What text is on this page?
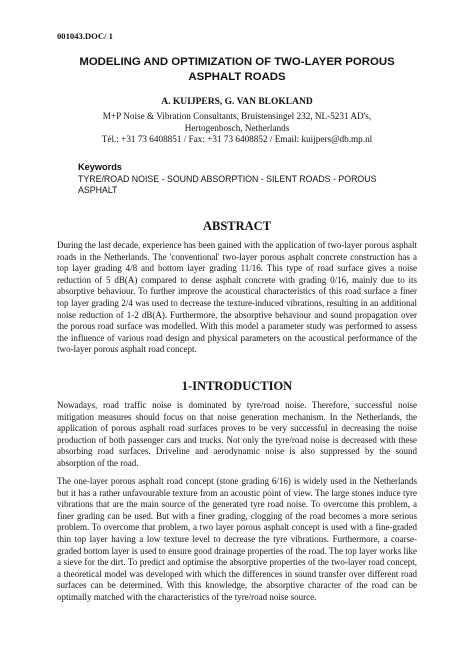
001043.DOC/ 1
MODELING AND OPTIMIZATION OF TWO-LAYER POROUS ASPHALT ROADS
A. KUIJPERS, G. VAN BLOKLAND
M+P Noise & Vibration Consultants, Bruistensingel 232, NL-5231 AD's,
Hertogenbosch, Netherlands
Tél.: +31 73 6408851 / Fax: +31 73 6408852 / Email: kuijpers@db.mp.nl
Keywords
TYRE/ROAD NOISE - SOUND ABSORPTION - SILENT ROADS - POROUS ASPHALT
ABSTRACT

During the last decade, experience has been gained with the application of two-layer porous asphalt roads in the Netherlands. The 'conventional' two-layer porous asphalt concrete construction has a top layer grading 4/8 and bottom layer grading 11/16. This type of road surface gives a noise reduction of 5 dB(A) compared to dense asphalt concrete with grading 0/16, mainly due to its absorptive behaviour. To further improve the acoustical characteristics of this road surface a finer top layer grading 2/4 was used to decrease the texture-induced vibrations, resulting in an additional noise reduction of 1-2 dB(A). Furthermore, the absorptive behaviour and sound propagation over the porous road surface was modelled. With this model a parameter study was performed to assess the influence of various road design and physical parameters on the acoustical performance of the two-layer porous asphalt road concept.

1-INTRODUCTION

Nowadays, road traffic noise is dominated by tyre/road noise. Therefore, successful noise mitigation measures should focus on that noise generation mechanism. In the Netherlands, the application of porous asphalt road surfaces proves to be very successful in decreasing the noise production of both passenger cars and trucks. Not only the tyre/road noise is decreased with these absorbing road surfaces. Driveline and aerodynamic noise is also suppressed by the sound absorption of the road.

The one-layer porous asphalt road concept (stone grading 6/16) is widely used in the Netherlands but it has a rather unfavourable texture from an acoustic point of view. The large stones induce tyre vibrations that are the main source of the generated tyre road noise. To overcome this problem, a finer grading can be used. But with a finer grading, clogging of the road becomes a more serious problem. To overcome that problem, a two layer porous asphalt concept is used with a fine-graded thin top layer having a low texture level to decrease the tyre vibrations. Furthermore, a coarse-graded bottom layer is used to ensure good drainage properties of the road. The top layer works like a sieve for the dirt. To predict and optimise the absorptive properties of the two-layer road concept, a theoretical model was developed with which the differences in sound transfer over different road surfaces can be determined. With this knowledge, the absorptive character of the road can be optimally matched with the characteristics of the tyre/road noise source.
